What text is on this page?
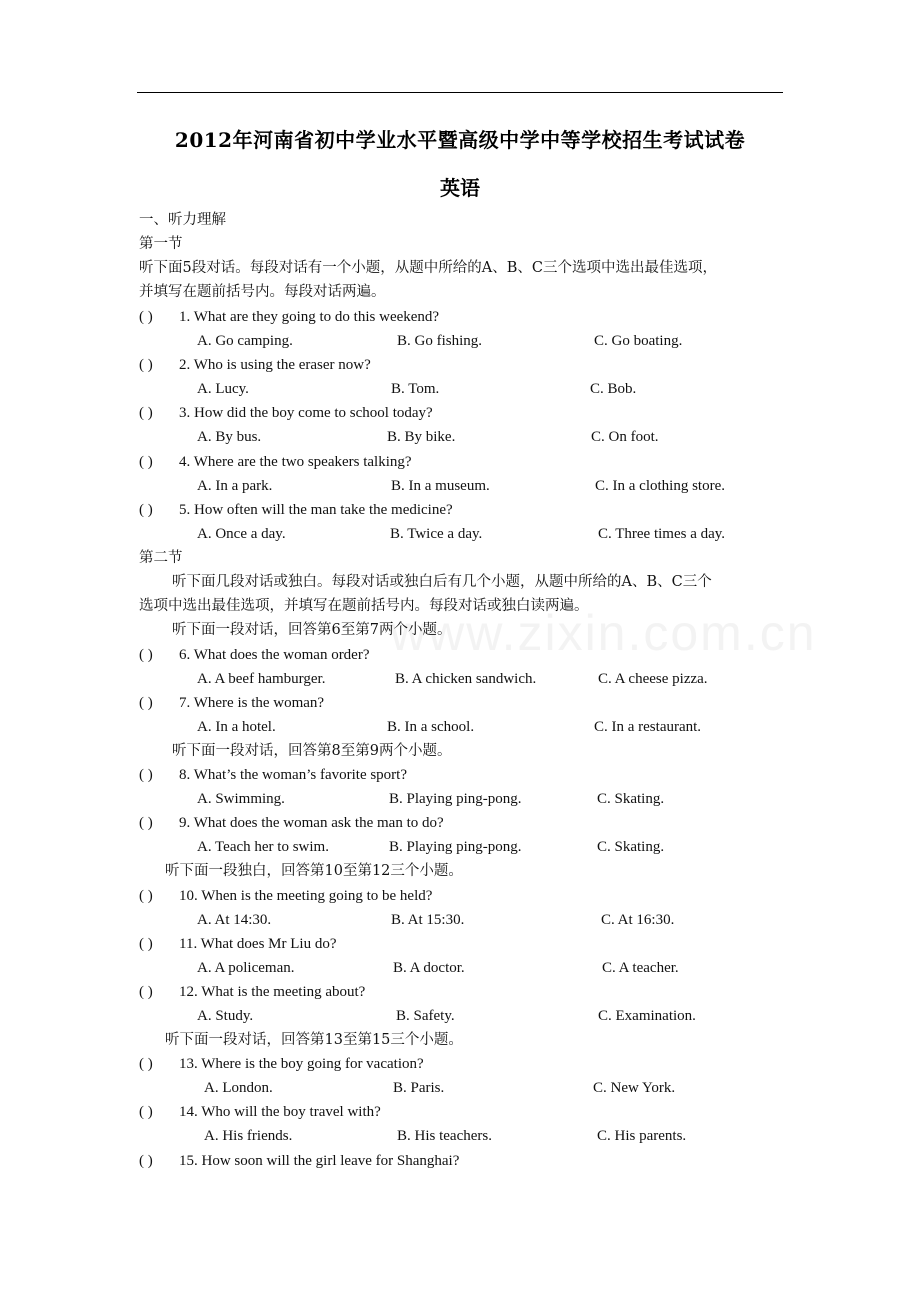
2012年河南省初中学业水平暨高级中学中等学校招生考试试卷
英语
www.zixin.com.cn
一、听力理解
第一节
听下面5段对话。每段对话有一个小题，从题中所给的A、B、C三个选项中选出最佳选项，
并填写在题前括号内。每段对话两遍。
( ) 1. What are they going to do this weekend?
A. Go camping.	B. Go fishing.	C. Go boating.
( ) 2. Who is using the eraser now?
A. Lucy.	B. Tom.	C. Bob.
( ) 3. How did the boy come to school today?
A. By bus.	B. By bike.	C. On foot.
( ) 4. Where are the two speakers talking?
A. In a park.	B. In a museum.	C. In a clothing store.
( ) 5. How often will the man take the medicine?
A. Once a day.	B. Twice a day.	C. Three times a day.
第二节
听下面几段对话或独白。每段对话或独白后有几个小题，从题中所给的A、B、C三个
选项中选出最佳选项，并填写在题前括号内。每段对话或独白读两遍。
听下面一段对话，回答第6至第7两个小题。
( ) 6. What does the woman order?
A. A beef hamburger.	B. A chicken sandwich.	C. A cheese pizza.
( ) 7. Where is the woman?
A. In a hotel.	B. In a school.	C. In a restaurant.
听下面一段对话，回答第8至第9两个小题。
( ) 8. What’s the woman’s favorite sport?
A. Swimming.	B. Playing ping-pong.	C. Skating.
( ) 9. What does the woman ask the man to do?
A. Teach her to swim.	B. Playing ping-pong.	C. Skating.
听下面一段独白，回答第10至第12三个小题。
( ) 10. When is the meeting going to be held?
A. At 14:30.	B. At 15:30.	C. At 16:30.
( ) 11. What does Mr Liu do?
A. A policeman.	B. A doctor.	C. A teacher.
( ) 12. What is the meeting about?
A. Study.	B. Safety.	C. Examination.
听下面一段对话，回答第13至第15三个小题。
( ) 13. Where is the boy going for vacation?
A. London.	B. Paris.	C. New York.
( ) 14. Who will the boy travel with?
A. His friends.	B. His teachers.	C. His parents.
( ) 15. How soon will the girl leave for Shanghai?
